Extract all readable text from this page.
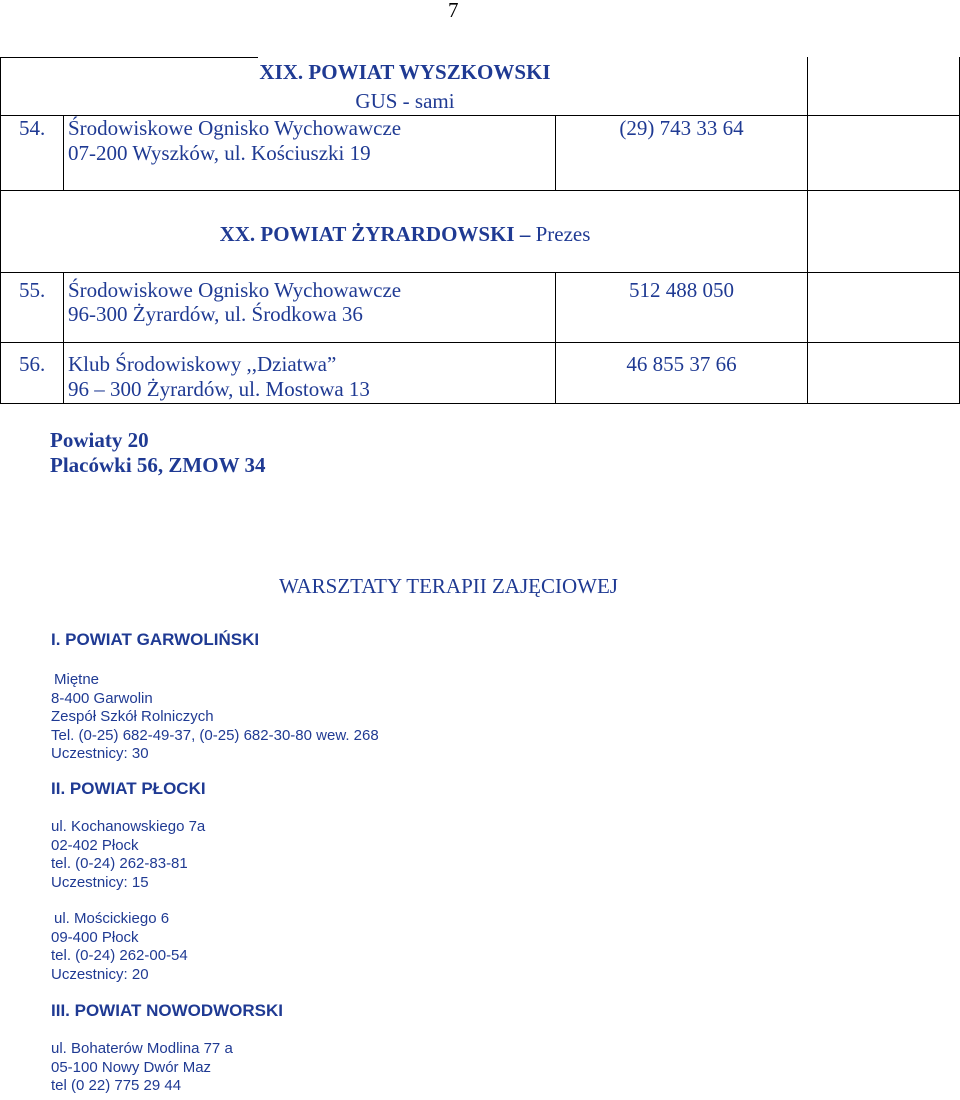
7
XIX. POWIAT WYSZKOWSKI
GUS - sami
54. Środowiskowe Ognisko Wychowawcze
07-200 Wyszków, ul. Kościuszki 19
(29) 743 33 64
XX. POWIAT ŻYRARDOWSKI – Prezes
55. Środowiskowe Ognisko Wychowawcze
96-300 Żyrardów, ul. Środkowa 36
512 488 050
56. Klub Środowiskowy ,,Dziatwa”
96 – 300 Żyrardów, ul. Mostowa 13
46 855 37 66
Powiaty 20
Placówki 56, ZMOW 34
WARSZTATY TERAPII ZAJĘCIOWEJ
I. POWIAT GARWOLIŃSKI
Miętne
8-400 Garwolin
Zespół Szkół Rolniczych
Tel. (0-25) 682-49-37, (0-25) 682-30-80 wew. 268
Uczestnicy: 30
II. POWIAT PŁOCKI
ul. Kochanowskiego 7a
02-402 Płock
tel. (0-24) 262-83-81
Uczestnicy: 15
ul. Mościckiego 6
09-400 Płock
tel. (0-24) 262-00-54
Uczestnicy: 20
III. POWIAT NOWODWORSKI
ul. Bohaterów Modlina 77 a
05-100 Nowy Dwór Maz
tel (0 22) 775 29 44
